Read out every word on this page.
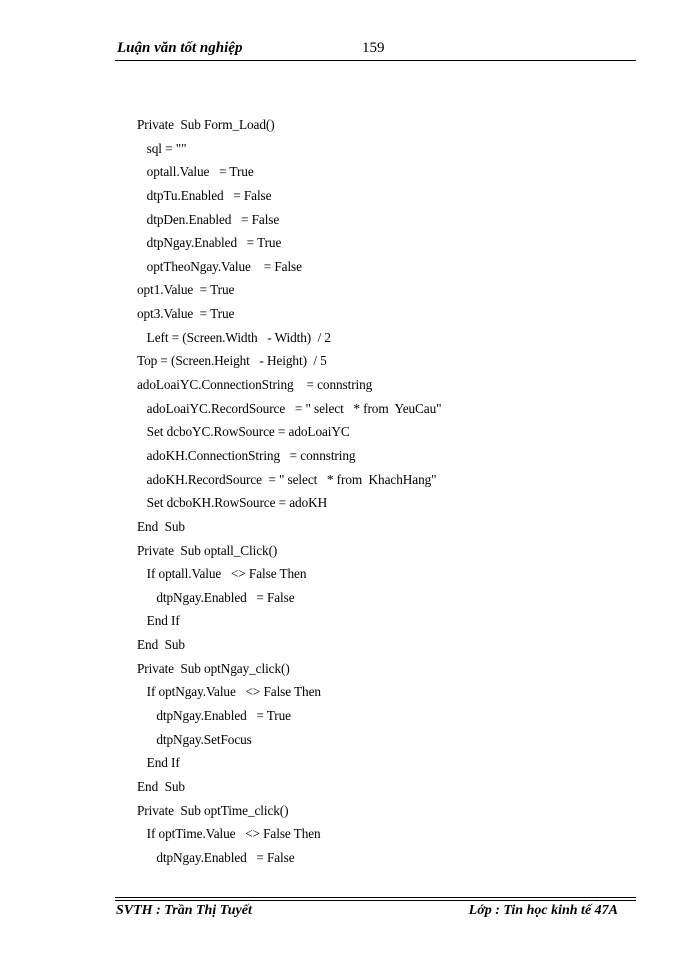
Luận văn tốt nghiệp	159
Private  Sub Form_Load()
sql = ""
optall.Value   = True
dtpTu.Enabled   = False
dtpDen.Enabled   = False
dtpNgay.Enabled   = True
optTheoNgay.Value    = False
opt1.Value  = True
opt3.Value  = True
Left = (Screen.Width   - Width)  / 2
Top = (Screen.Height   - Height)  / 5
adoLoaiYC.ConnectionString    = connstring
adoLoaiYC.RecordSource   = " select   * from  YeuCau"
Set dcboYC.RowSource = adoLoaiYC
adoKH.ConnectionString   = connstring
adoKH.RecordSource  = " select   * from  KhachHang"
Set dcboKH.RowSource = adoKH
End  Sub
Private  Sub optall_Click()
If optall.Value   <> False Then
dtpNgay.Enabled   = False
End If
End  Sub
Private  Sub optNgay_click()
If optNgay.Value   <> False Then
dtpNgay.Enabled   = True
dtpNgay.SetFocus
End If
End  Sub
Private  Sub optTime_click()
If optTime.Value   <> False Then
dtpNgay.Enabled   = False
SVTH : Trần Thị Tuyết	Lớp : Tin học kinh tế 47A
